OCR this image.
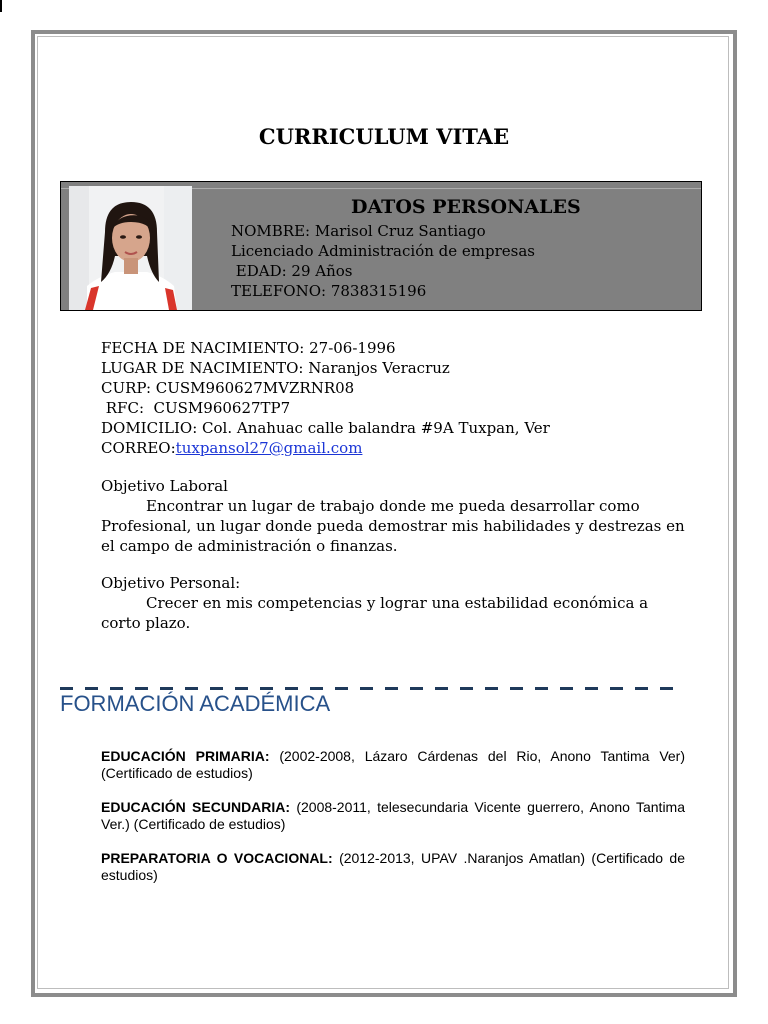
CURRICULUM VITAE
DATOS PERSONALES
NOMBRE: Marisol Cruz Santiago
Licenciado Administración de empresas
EDAD: 29 Años
TELEFONO: 7838315196
FECHA DE NACIMIENTO: 27-06-1996
LUGAR DE NACIMIENTO: Naranjos Veracruz
CURP: CUSM960627MVZRNR08
RFC:  CUSM960627TP7
DOMICILIO: Col. Anahuac calle balandra #9A Tuxpan, Ver
CORREO:tuxpansol27@gmail.com
Objetivo Laboral
Encontrar un lugar de trabajo donde me pueda desarrollar como Profesional, un lugar donde pueda demostrar mis habilidades y destrezas en el campo de administración o finanzas.
Objetivo Personal:
Crecer en mis competencias y lograr una estabilidad económica a corto plazo.
FORMACIÓN ACADÉMICA
EDUCACIÓN PRIMARIA: (2002-2008, Lázaro Cárdenas del Rio, Anono Tantima Ver) (Certificado de estudios)
EDUCACIÓN SECUNDARIA: (2008-2011, telesecundaria Vicente guerrero, Anono Tantima Ver.) (Certificado de estudios)
PREPARATORIA O VOCACIONAL: (2012-2013, UPAV .Naranjos Amatlan) (Certificado de estudios)
